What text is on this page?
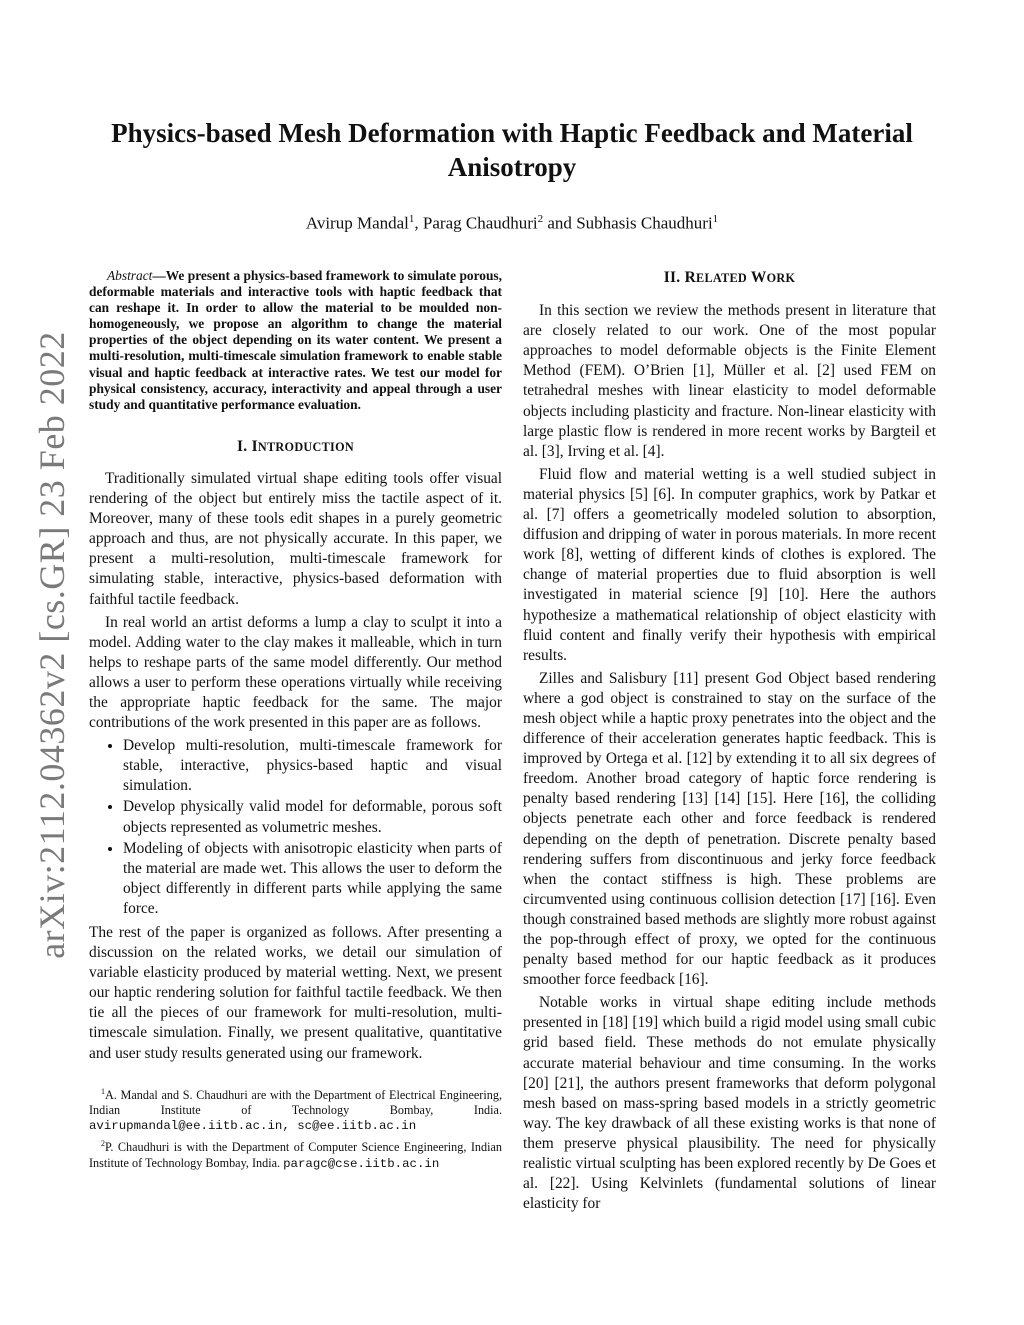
Physics-based Mesh Deformation with Haptic Feedback and Material Anisotropy
Avirup Mandal$^1$, Parag Chaudhuri$^2$ and Subhasis Chaudhuri$^1$
arXiv:2112.04362v2 [cs.GR] 23 Feb 2022

Abstract—We present a physics-based framework to simulate porous, deformable materials and interactive tools with haptic feedback that can reshape it. In order to allow the material to be moulded non-homogeneously, we propose an algorithm to change the material properties of the object depending on its water content. We present a multi-resolution, multi-timescale simulation framework to enable stable visual and haptic feedback at interactive rates. We test our model for physical consistency, accuracy, interactivity and appeal through a user study and quantitative performance evaluation.

I. INTRODUCTION

Traditionally simulated virtual shape editing tools offer visual rendering of the object but entirely miss the tactile aspect of it. Moreover, many of these tools edit shapes in a purely geometric approach and thus, are not physically accurate. In this paper, we present a multi-resolution, multi-timescale framework for simulating stable, interactive, physics-based deformation with faithful tactile feedback.

In real world an artist deforms a lump a clay to sculpt it into a model. Adding water to the clay makes it malleable, which in turn helps to reshape parts of the same model differently. Our method allows a user to perform these operations virtually while receiving the appropriate haptic feedback for the same. The major contributions of the work presented in this paper are as follows.

• Develop multi-resolution, multi-timescale framework for stable, interactive, physics-based haptic and visual simulation.
• Develop physically valid model for deformable, porous soft objects represented as volumetric meshes.
• Modeling of objects with anisotropic elasticity when parts of the material are made wet. This allows the user to deform the object differently in different parts while applying the same force.

The rest of the paper is organized as follows. After presenting a discussion on the related works, we detail our simulation of variable elasticity produced by material wetting. Next, we present our haptic rendering solution for faithful tactile feedback. We then tie all the pieces of our framework for multi-resolution, multi-timescale simulation. Finally, we present qualitative, quantitative and user study results generated using our framework.

$^1$A. Mandal and S. Chaudhuri are with the Department of Electrical Engineering, Indian Institute of Technology Bombay, India. avirupmandal@ee.iitb.ac.in, sc@ee.iitb.ac.in

$^2$P. Chaudhuri is with the Department of Computer Science Engineering, Indian Institute of Technology Bombay, India. paragc@cse.iitb.ac.in

II. RELATED WORK

In this section we review the methods present in literature that are closely related to our work. One of the most popular approaches to model deformable objects is the Finite Element Method (FEM). O’Brien [1], Müller et al. [2] used FEM on tetrahedral meshes with linear elasticity to model deformable objects including plasticity and fracture. Non-linear elasticity with large plastic flow is rendered in more recent works by Bargteil et al. [3], Irving et al. [4].

Fluid flow and material wetting is a well studied subject in material physics [5] [6]. In computer graphics, work by Patkar et al. [7] offers a geometrically modeled solution to absorption, diffusion and dripping of water in porous materials. In more recent work [8], wetting of different kinds of clothes is explored. The change of material properties due to fluid absorption is well investigated in material science [9] [10]. Here the authors hypothesize a mathematical relationship of object elasticity with fluid content and finally verify their hypothesis with empirical results.

Zilles and Salisbury [11] present God Object based rendering where a god object is constrained to stay on the surface of the mesh object while a haptic proxy penetrates into the object and the difference of their acceleration generates haptic feedback. This is improved by Ortega et al. [12] by extending it to all six degrees of freedom. Another broad category of haptic force rendering is penalty based rendering [13] [14] [15]. Here [16], the colliding objects penetrate each other and force feedback is rendered depending on the depth of penetration. Discrete penalty based rendering suffers from discontinuous and jerky force feedback when the contact stiffness is high. These problems are circumvented using continuous collision detection [17] [16]. Even though constrained based methods are slightly more robust against the pop-through effect of proxy, we opted for the continuous penalty based method for our haptic feedback as it produces smoother force feedback [16].

Notable works in virtual shape editing include methods presented in [18] [19] which build a rigid model using small cubic grid based field. These methods do not emulate physically accurate material behaviour and time consuming. In the works [20] [21], the authors present frameworks that deform polygonal mesh based on mass-spring based models in a strictly geometric way. The key drawback of all these existing works is that none of them preserve physical plausibility. The need for physically realistic virtual sculpting has been explored recently by De Goes et al. [22]. Using Kelvinlets (fundamental solutions of linear elasticity for
